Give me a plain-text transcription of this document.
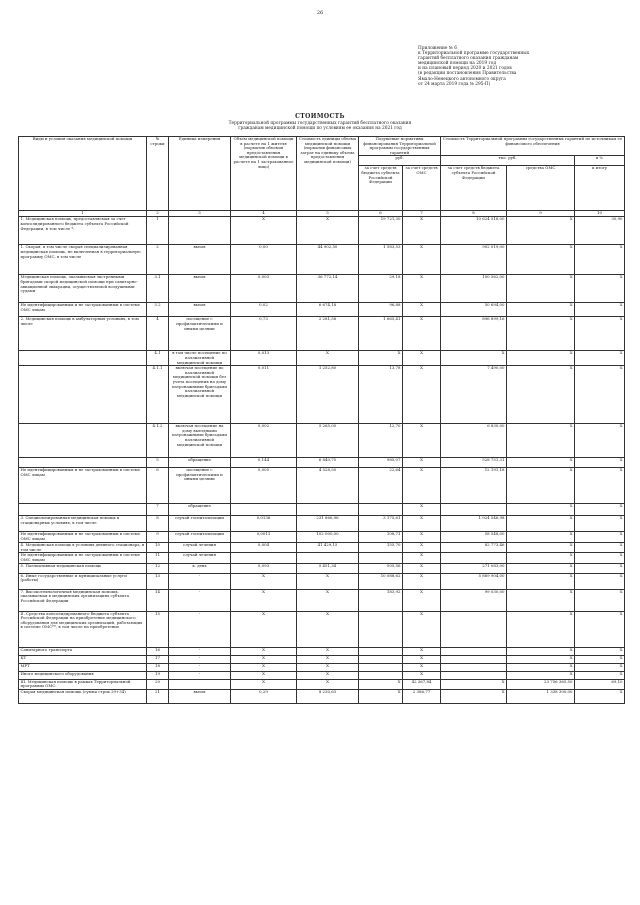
26
Приложение № 6
к Территориальной программе государственных
гарантий бесплатного оказания гражданам
медицинской помощи на 2019 год
и на плановый период 2020 и 2021 годов
(в редакции постановления Правительства
Ямало-Ненецкого автономного округа
от 24 марта 2019 года № 295-П)
СТОИМОСТЬ
Территориальной программы государственных гарантий бесплатного оказания
гражданам медицинской помощи по условиям ее оказания на 2021 год
Виды и условия оказания медицинской помощи	№ строки	Единица измерения	Объем медицинской помощи в расчете на 1 жителя (норматив объемов предоставления медицинской помощи в расчете на 1 застрахованное лицо)	Стоимость единицы объема медицинской помощи (норматив финансовых затрат на единицу объема предоставления медицинской помощи)	Подушевые нормативы финансирования Территориальной программы государственных гарантий		Стоимость Территориальной программы государственных гарантий по источникам ее финансового обеспечения		
					руб.		тыс. руб.		в %

					за счет средств бюджета субъекта Российской Федерации	за счет средств ОМС	за счет средств бюджета субъекта Российской Федерации	средства ОМС	к итогу
1	2	3	4	5	6	7	8	9	10
1. Медицинская помощь, предоставляемая за счет консолидированного бюджета субъекта Российской Федерации, в том числе *:	1		X	X	19 721,30	X	10 624 518,00	X	30,90
1. Скорая, в том числе скорая специализированная медицинская помощь, не включенная в территориальную программу ОМС, в том числе	2	вызов	0,00	44 902,50	1 583,53	X	902 019,00	X	X
Медицинская помощь, оказываемая экстренными бригадами скорой медицинской помощи при санитарно-авиационной эвакуации, осуществляемой воздушными судами	3.1	вызов	0,003	36 772,14	29,18	X	100 562,00	X	X
Не идентифицированным и не застрахованным в системе ОМС лицам	3.2	вызов	0,02	6 674,18	96,88	X	50 694,00	X	X
2. Медицинская помощь в амбулаторных условиях, в том числе	4	посещение с профилактическими и иными целями	0,73	2 281,58	1 665,41	X	896 899,16	X	X
	4.1	в том числе посещение по паллиативной медицинской помощи	0,013	X	X	X	X	X	X
	4.1.1	включая посещение по паллиативной медицинской помощи без учета посещения на дому патронажными бригадами паллиативной медицинской помощи	0,011	1 252,80	13,78	X	7 490,00	X	X
	4.1.2	включая посещение на дому выездными патронажными бригадами паллиативной медицинской помощи	0,002	5 265,00	12,70	X	6 830,00	X	X
	5	обращение	0,144	6 840,75	985,07	X	528 751,31	X	X
Не идентифицированным и не застрахованным в системе ОМС лицам	6	посещение с профилактическими и иными целями	0,005	4 528,50	22,64	X	12 191,18	X	X
	7	обращение				X		X	X
3. Специализированная медицинская помощь в стационарных условиях, в том числе	8	случай госпитализации	0,0136	231 866,96	3 175,61	X	1 924 546,98	X	X
Не идентифицированным и не застрахованным в системе ОМС лицам	9	случай госпитализации	0,0011	102 000,00	108,71	X	58 548,00	X	X
4. Медицинская помощь в условиях дневного стационара, в том числе	10	случай лечения	0,004	41 429,15	155,70	X	82 773,46	X	X
Не идентифицированным и не застрахованным в системе ОМС лицам	11	случай лечения				X		X	X
5. Паллиативная медицинская помощь	12	к. день	0,093	5 451,34	505,56	X	271 083,00	X	X
6. Иные государственные и муниципальные услуги (работы)	13	-	X	X	10 088,62	X	5 869 904,00	X	X
7. Высокотехнологичная медицинская помощь, оказываемая в медицинских организациях субъекта Российской Федерации	14	-	X	X	183,92	X	99 030,00	X	X
II. Средства консолидированного бюджета субъекта Российской Федерации на приобретение медицинского оборудования для медицинских организаций, работающих в системе ОМС**, в том числе на приобретение	15	-	X	X		X		X	X
Санитарного транспорта	16	-	X	X		X		X	X
КТ	17	-	X	X		X		X	X
МРТ	18	-	X	X		X		X	X
Иного медицинского оборудования	19	-	X	X		X		X	X
III. Медицинская помощь в рамках Территориальной программы ОМС:	20		X	X	X	42 367,84	X	23 756 365,50	69,10
Скорая медицинская помощь (сумма строк 29+34)	21	вызов	0,29	8 230,63	X	2 386,77	X	1 338 300,00	X
